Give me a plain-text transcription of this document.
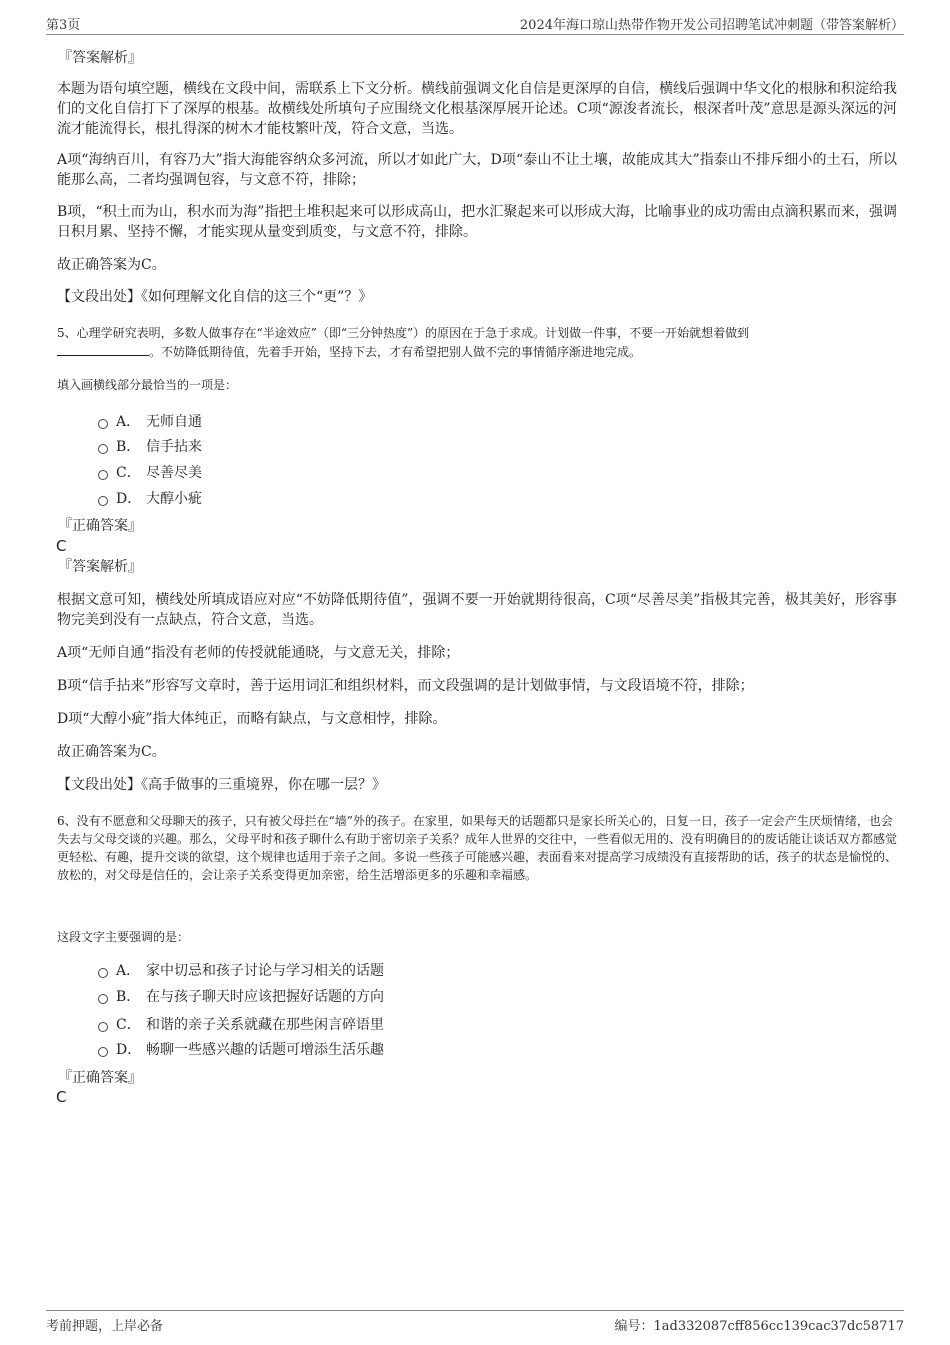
第3页	2024年海口琼山热带作物开发公司招聘笔试冲刺题（带答案解析）
『答案解析』
本题为语句填空题，横线在文段中间，需联系上下文分析。横线前强调文化自信是更深厚的自信，横线后强调中华文化的根脉和积淀给我们的文化自信打下了深厚的根基。故横线处所填句子应围绕文化根基深厚展开论述。C项“源浚者流长，根深者叶茂”意思是源头深远的河流才能流得长，根扎得深的树木才能枝繁叶茂，符合文意，当选。
A项“海纳百川，有容乃大”指大海能容纳众多河流，所以才如此广大，D项“泰山不让土壤，故能成其大”指泰山不排斥细小的土石，所以能那么高，二者均强调包容，与文意不符，排除；
B项，“积土而为山，积水而为海”指把土堆积起来可以形成高山，把水汇聚起来可以形成大海，比喻事业的成功需由点滴积累而来，强调日积月累、坚持不懈，才能实现从量变到质变，与文意不符，排除。
故正确答案为C。
【文段出处】《如何理解文化自信的这三个“更”？》
5、心理学研究表明，多数人做事存在“半途效应”（即“三分钟热度”）的原因在于急于求成。计划做一件事，不要一开始就想着做到
。不妨降低期待值，先着手开始，坚持下去，才有希望把别人做不完的事情循序渐进地完成。
填入画横线部分最恰当的一项是：
A． 无师自通
B． 信手拈来
C． 尽善尽美
D． 大醇小疵
『正确答案』
C
『答案解析』
根据文意可知，横线处所填成语应对应“不妨降低期待值”，强调不要一开始就期待很高，C项“尽善尽美”指极其完善，极其美好，形容事物完美到没有一点缺点，符合文意，当选。
A项“无师自通”指没有老师的传授就能通晓，与文意无关，排除；
B项“信手拈来”形容写文章时，善于运用词汇和组织材料，而文段强调的是计划做事情，与文段语境不符，排除；
D项“大醇小疵”指大体纯正，而略有缺点，与文意相悖，排除。
故正确答案为C。
【文段出处】《高手做事的三重境界，你在哪一层？》
6、没有不愿意和父母聊天的孩子，只有被父母拦在“墙”外的孩子。在家里，如果每天的话题都只是家长所关心的，日复一日，孩子一定会产生厌烦情绪，也会失去与父母交谈的兴趣。那么，父母平时和孩子聊什么有助于密切亲子关系？成年人世界的交往中，一些看似无用的、没有明确目的的废话能让谈话双方都感觉更轻松、有趣，提升交谈的欲望，这个规律也适用于亲子之间。多说一些孩子可能感兴趣，表面看来对提高学习成绩没有直接帮助的话，孩子的状态是愉悦的、放松的，对父母是信任的，会让亲子关系变得更加亲密，给生活增添更多的乐趣和幸福感。
这段文字主要强调的是：
A． 家中切忌和孩子讨论与学习相关的话题
B． 在与孩子聊天时应该把握好话题的方向
C． 和谐的亲子关系就藏在那些闲言碎语里
D． 畅聊一些感兴趣的话题可增添生活乐趣
『正确答案』
C
考前押题，上岸必备	编号：1ad332087cff856cc139cac37dc58717
